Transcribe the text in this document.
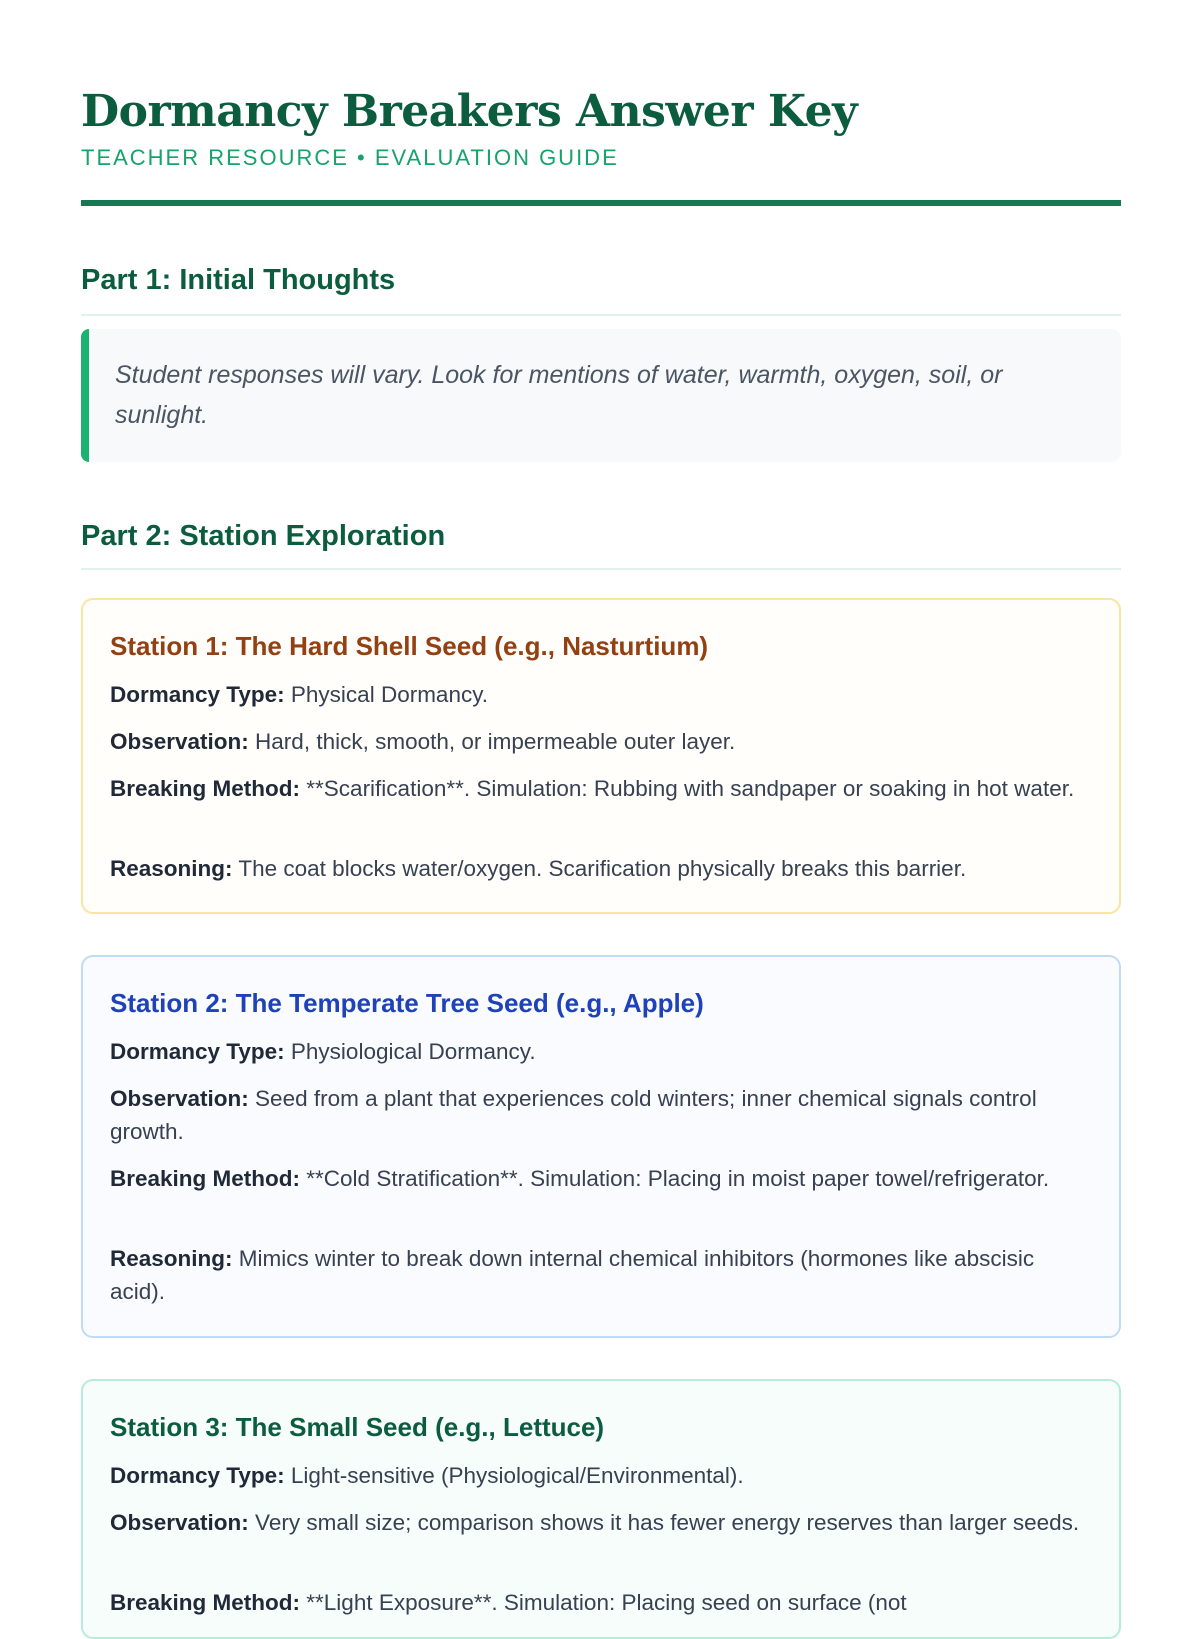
Dormancy Breakers Answer Key
TEACHER RESOURCE • EVALUATION GUIDE
Part 1: Initial Thoughts
Student responses will vary. Look for mentions of water, warmth, oxygen, soil, or sunlight.
Part 2: Station Exploration
Station 1: The Hard Shell Seed (e.g., Nasturtium)

Dormancy Type: Physical Dormancy.

Observation: Hard, thick, smooth, or impermeable outer layer.

Breaking Method: **Scarification**. Simulation: Rubbing with sandpaper or soaking in hot water.

Reasoning: The coat blocks water/oxygen. Scarification physically breaks this barrier.

Station 2: The Temperate Tree Seed (e.g., Apple)

Dormancy Type: Physiological Dormancy.

Observation: Seed from a plant that experiences cold winters; inner chemical signals control growth.

Breaking Method: **Cold Stratification**. Simulation: Placing in moist paper towel/refrigerator.

Reasoning: Mimics winter to break down internal chemical inhibitors (hormones like abscisic acid).

Station 3: The Small Seed (e.g., Lettuce)

Dormancy Type: Light-sensitive (Physiological/Environmental).

Observation: Very small size; comparison shows it has fewer energy reserves than larger seeds.

Breaking Method: **Light Exposure**. Simulation: Placing seed on surface (not
